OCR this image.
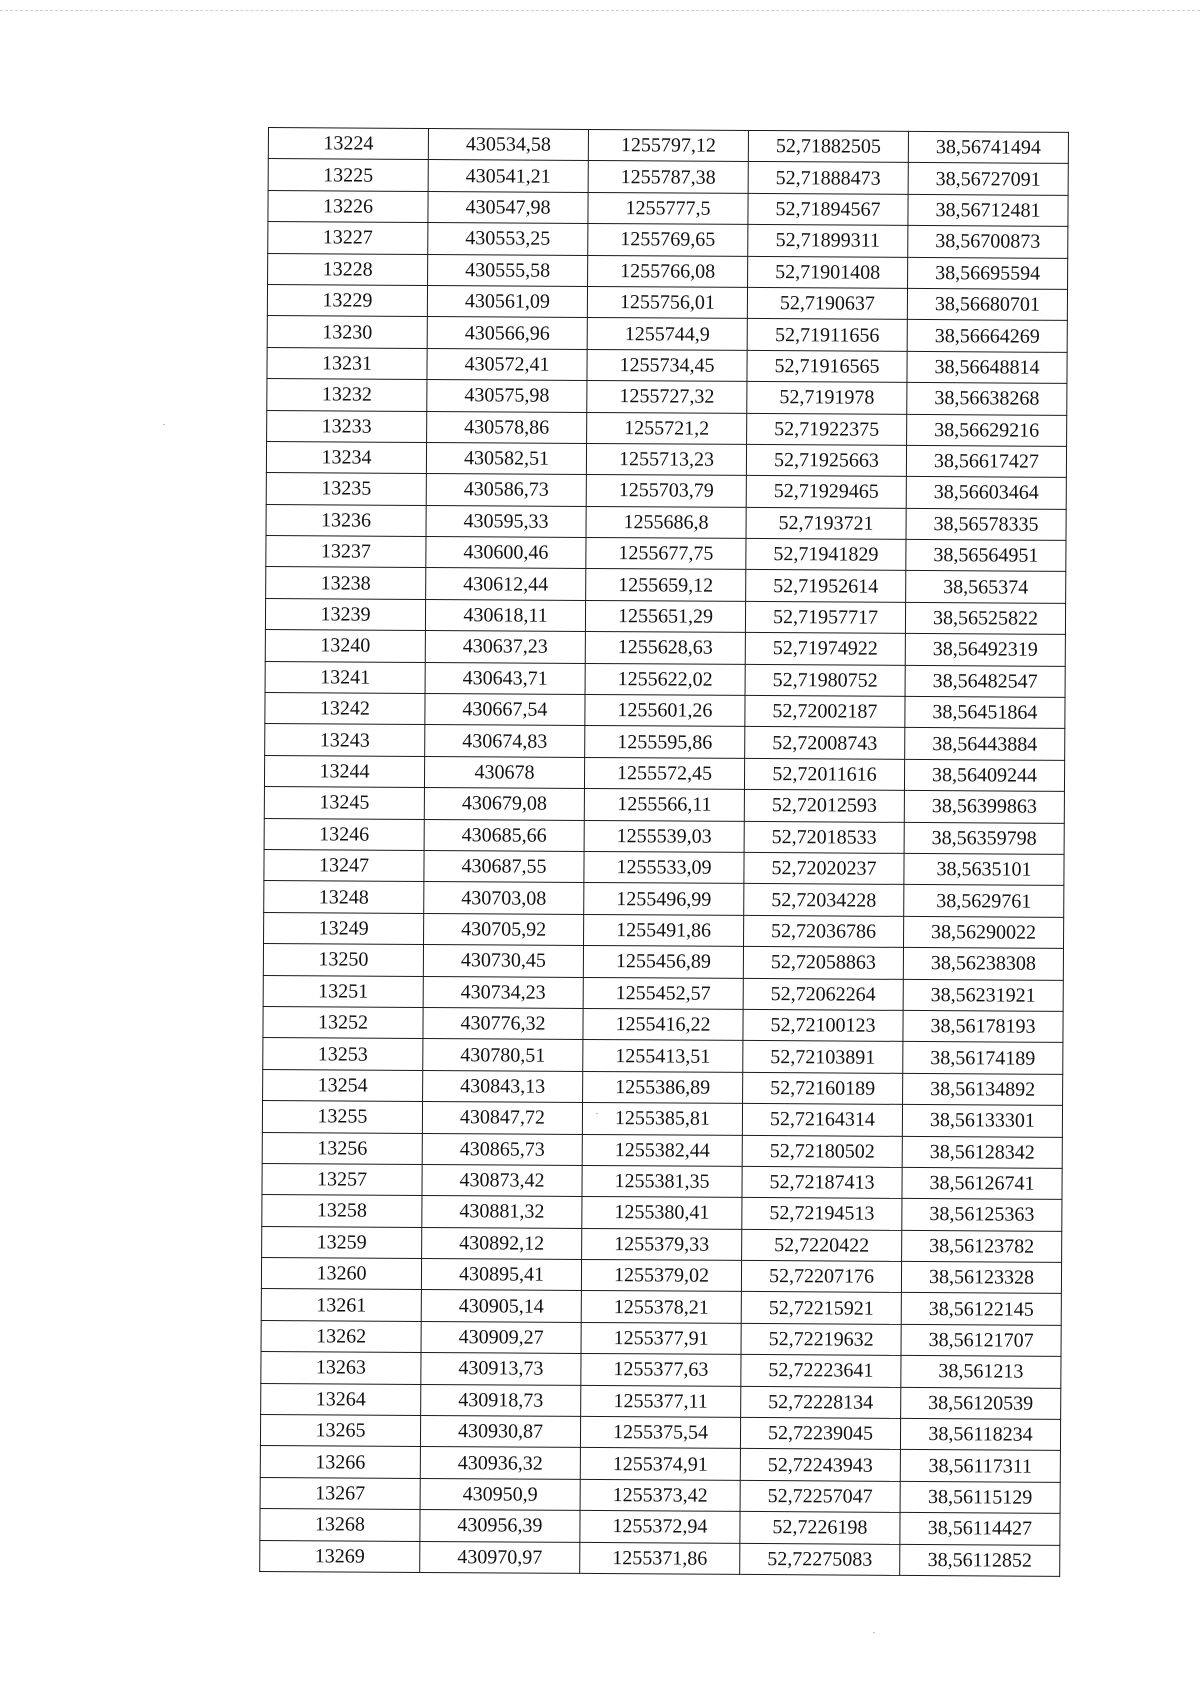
13224	430534,58	1255797,12	52,71882505	38,56741494
13225	430541,21	1255787,38	52,71888473	38,56727091
13226	430547,98	1255777,5	52,71894567	38,56712481
13227	430553,25	1255769,65	52,71899311	38,56700873
13228	430555,58	1255766,08	52,71901408	38,56695594
13229	430561,09	1255756,01	52,7190637	38,56680701
13230	430566,96	1255744,9	52,71911656	38,56664269
13231	430572,41	1255734,45	52,71916565	38,56648814
13232	430575,98	1255727,32	52,7191978	38,56638268
13233	430578,86	1255721,2	52,71922375	38,56629216
13234	430582,51	1255713,23	52,71925663	38,56617427
13235	430586,73	1255703,79	52,71929465	38,56603464
13236	430595,33	1255686,8	52,7193721	38,56578335
13237	430600,46	1255677,75	52,71941829	38,56564951
13238	430612,44	1255659,12	52,71952614	38,565374
13239	430618,11	1255651,29	52,71957717	38,56525822
13240	430637,23	1255628,63	52,71974922	38,56492319
13241	430643,71	1255622,02	52,71980752	38,56482547
13242	430667,54	1255601,26	52,72002187	38,56451864
13243	430674,83	1255595,86	52,72008743	38,56443884
13244	430678	1255572,45	52,72011616	38,56409244
13245	430679,08	1255566,11	52,72012593	38,56399863
13246	430685,66	1255539,03	52,72018533	38,56359798
13247	430687,55	1255533,09	52,72020237	38,5635101
13248	430703,08	1255496,99	52,72034228	38,5629761
13249	430705,92	1255491,86	52,72036786	38,56290022
13250	430730,45	1255456,89	52,72058863	38,56238308
13251	430734,23	1255452,57	52,72062264	38,56231921
13252	430776,32	1255416,22	52,72100123	38,56178193
13253	430780,51	1255413,51	52,72103891	38,56174189
13254	430843,13	1255386,89	52,72160189	38,56134892
13255	430847,72	1255385,81	52,72164314	38,56133301
13256	430865,73	1255382,44	52,72180502	38,56128342
13257	430873,42	1255381,35	52,72187413	38,56126741
13258	430881,32	1255380,41	52,72194513	38,56125363
13259	430892,12	1255379,33	52,7220422	38,56123782
13260	430895,41	1255379,02	52,72207176	38,56123328
13261	430905,14	1255378,21	52,72215921	38,56122145
13262	430909,27	1255377,91	52,72219632	38,56121707
13263	430913,73	1255377,63	52,72223641	38,561213
13264	430918,73	1255377,11	52,72228134	38,56120539
13265	430930,87	1255375,54	52,72239045	38,56118234
13266	430936,32	1255374,91	52,72243943	38,56117311
13267	430950,9	1255373,42	52,72257047	38,56115129
13268	430956,39	1255372,94	52,7226198	38,56114427
13269	430970,97	1255371,86	52,72275083	38,56112852
